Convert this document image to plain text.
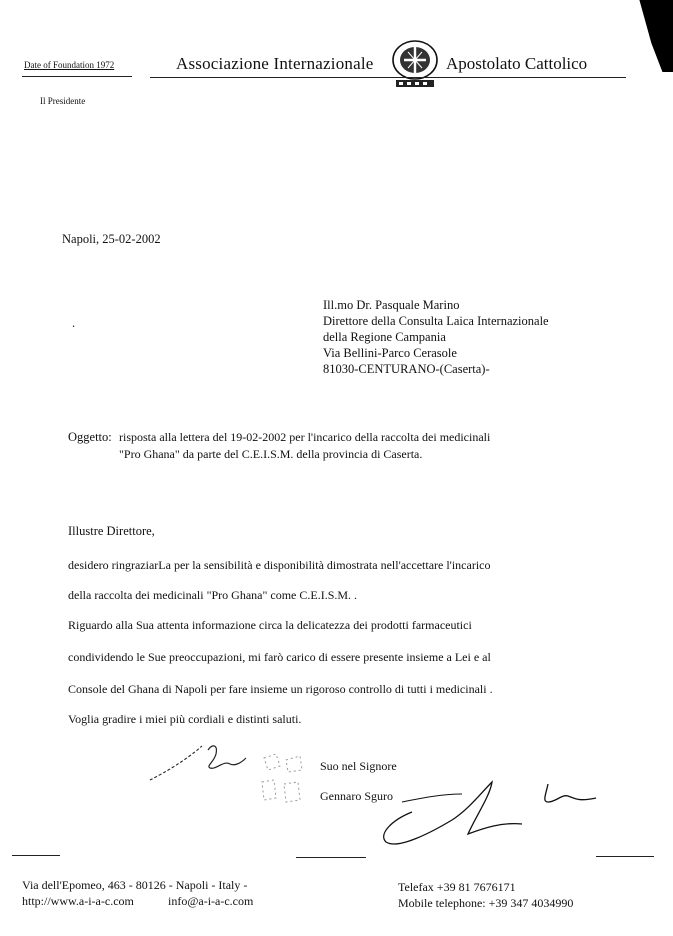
Date of Foundation 1972	Associazione Internazionale	Apostolato Cattolico
Il Presidente
Napoli, 25-02-2002
.
Ill.mo Dr. Pasquale Marino
Direttore della Consulta Laica Internazionale
della Regione Campania
Via Bellini-Parco Cerasole
81030-CENTURANO-(Caserta)-
Oggetto: risposta alla lettera del 19-02-2002 per l'incarico della raccolta dei medicinali
"Pro Ghana" da parte del C.E.I.S.M. della provincia di Caserta.
Illustre Direttore,
desidero ringraziarLa per la sensibilità e disponibilità dimostrata nell'accettare l'incarico
della raccolta dei medicinali "Pro Ghana" come C.E.I.S.M. .
Riguardo alla Sua attenta informazione circa la delicatezza dei prodotti farmaceutici
condividendo le Sue preoccupazioni, mi farò carico di essere presente insieme a Lei e al
Console del Ghana di Napoli per fare insieme un rigoroso controllo di tutti i medicinali .
Voglia gradire i miei più cordiali e distinti saluti.
Suo nel Signore
Gennaro Sguro
Via dell'Epomeo, 463 - 80126 - Napoli - Italy -
http://www.a-i-a-c.com	info@a-i-a-c.com
Telefax +39 81 7676171
Mobile telephone: +39 347 4034990
